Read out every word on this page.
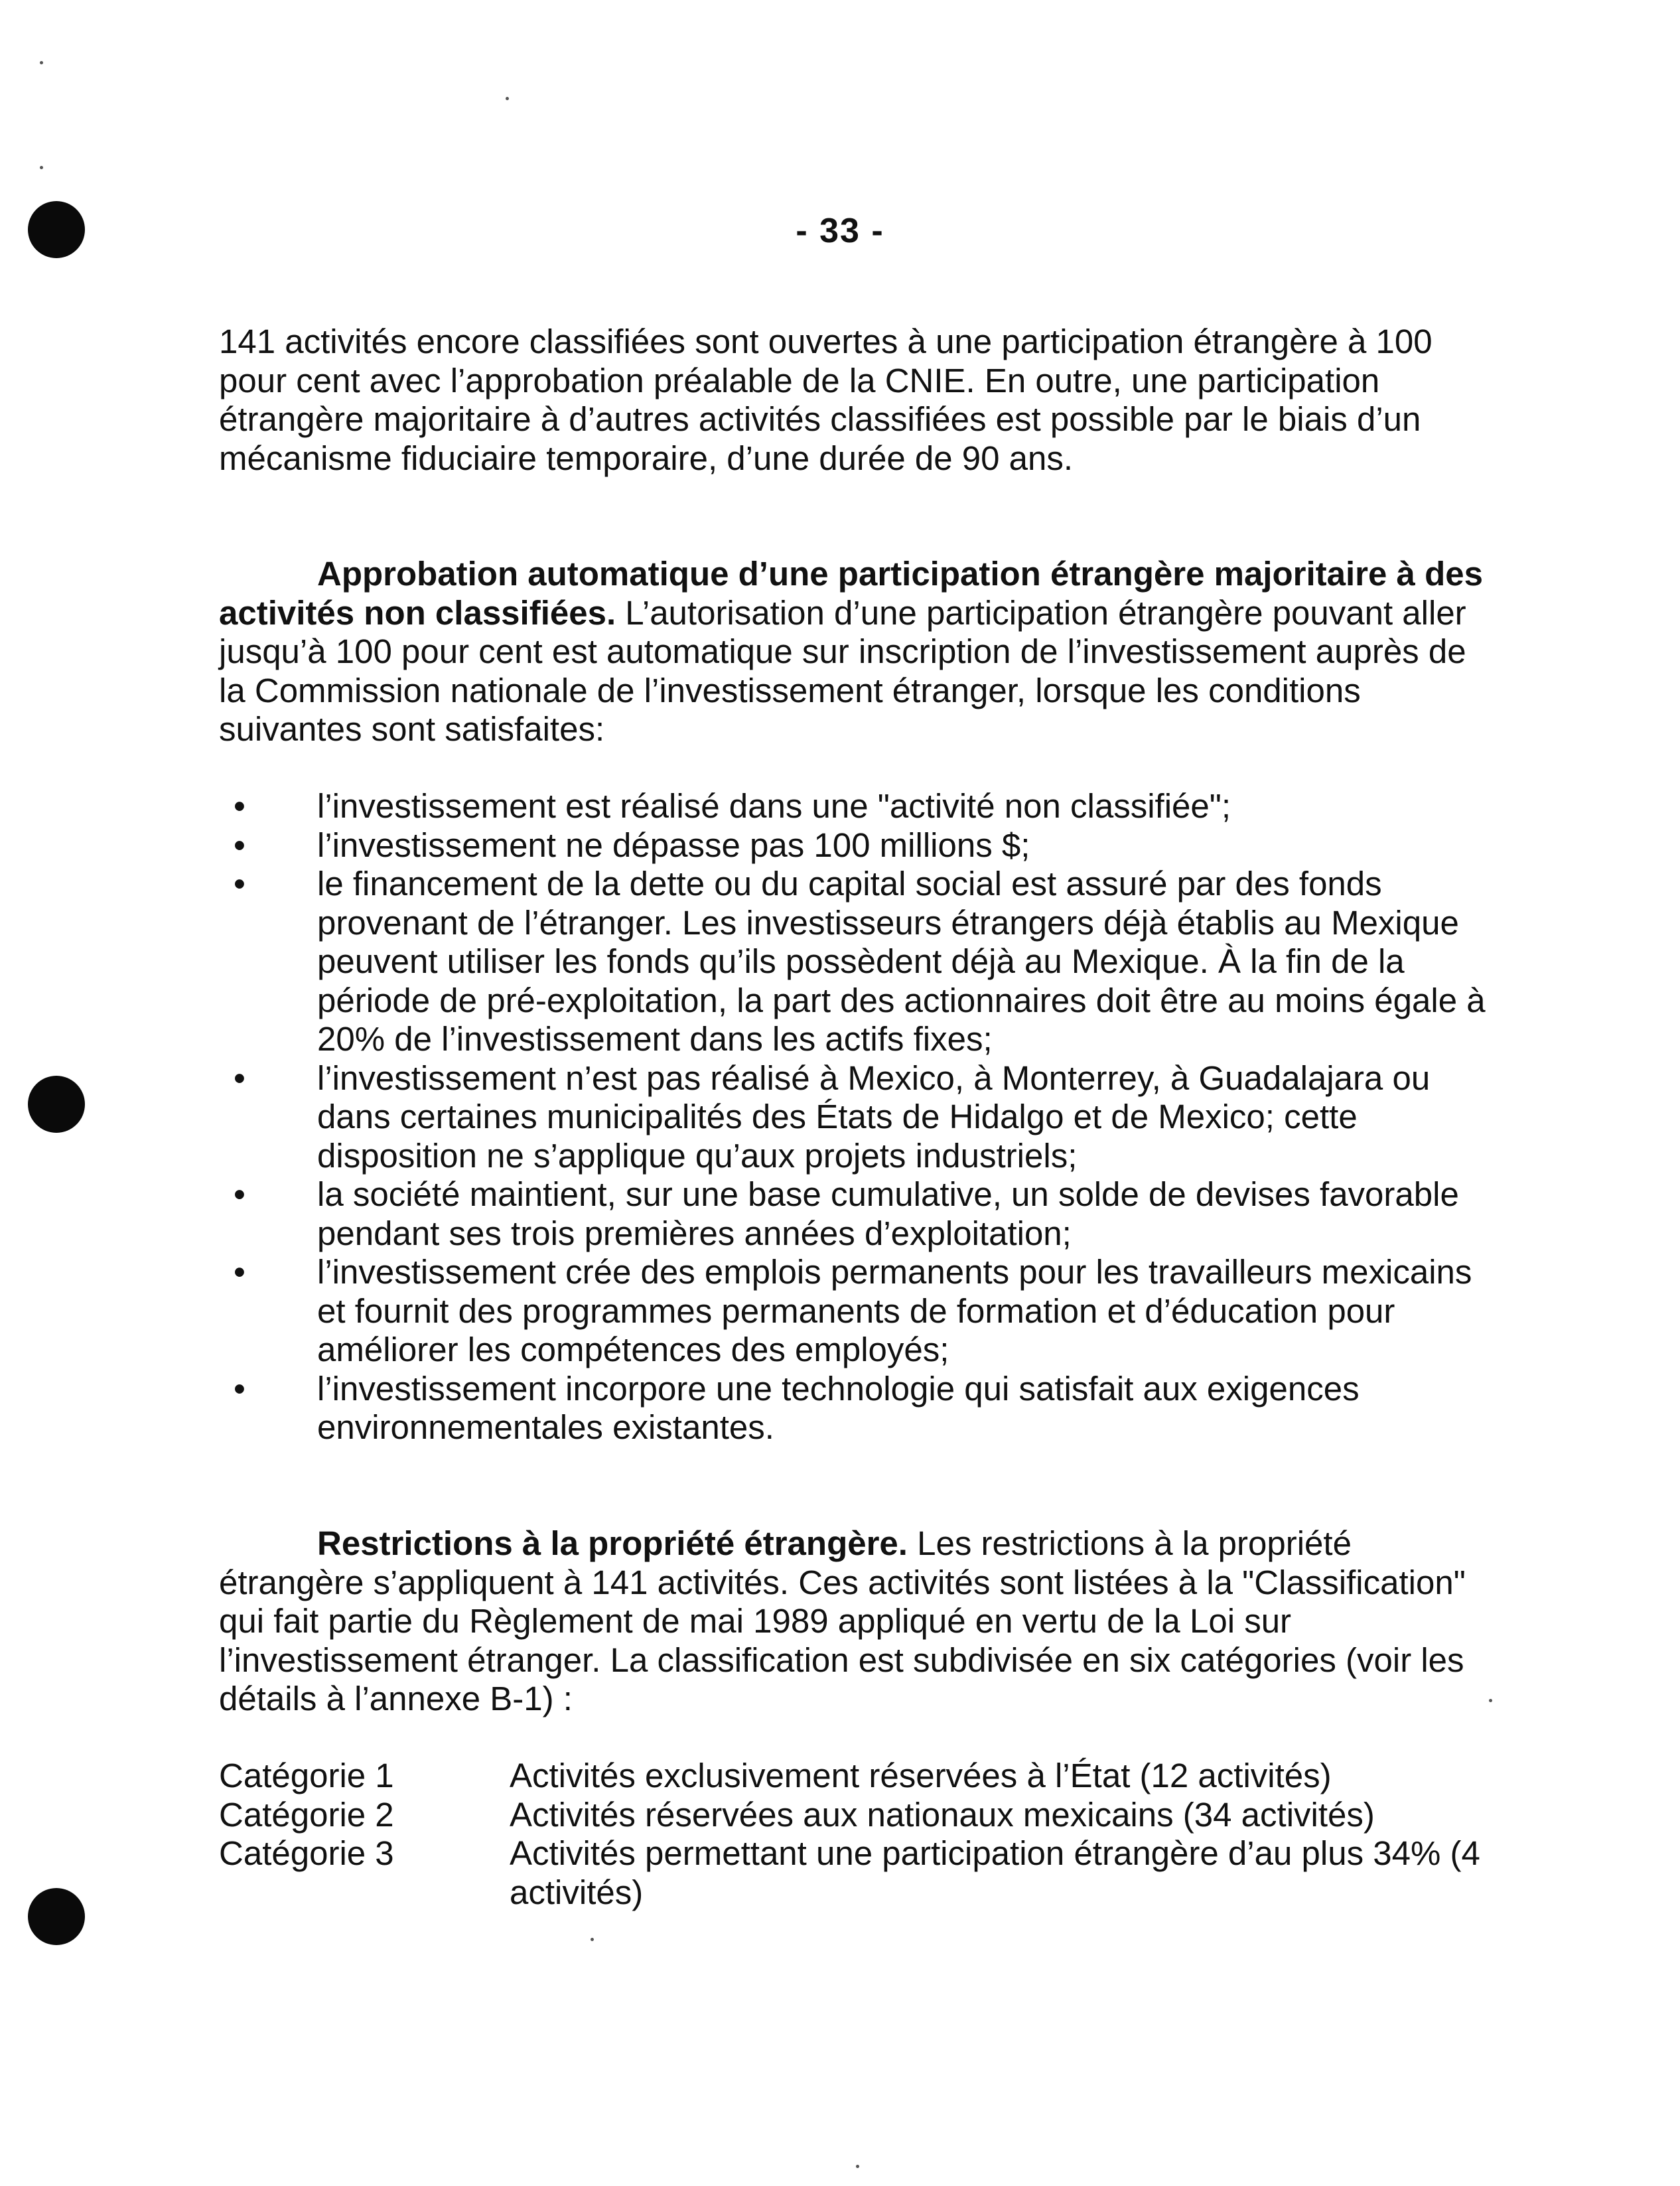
- 33 -

141 activités encore classifiées sont ouvertes à une participation étrangère à 100 pour cent avec l’approbation préalable de la CNIE. En outre, une participation étrangère majoritaire à d’autres activités classifiées est possible par le biais d’un mécanisme fiduciaire temporaire, d’une durée de 90 ans.

Approbation automatique d’une participation étrangère majoritaire à des activités non classifiées. L’autorisation d’une participation étrangère pouvant aller jusqu’à 100 pour cent est automatique sur inscription de l’investissement auprès de la Commission nationale de l’investissement étranger, lorsque les conditions suivantes sont satisfaites:

• l’investissement est réalisé dans une "activité non classifiée";
• l’investissement ne dépasse pas 100 millions $;
• le financement de la dette ou du capital social est assuré par des fonds provenant de l’étranger. Les investisseurs étrangers déjà établis au Mexique peuvent utiliser les fonds qu’ils possèdent déjà au Mexique. À la fin de la période de pré-exploitation, la part des actionnaires doit être au moins égale à 20% de l’investissement dans les actifs fixes;
• l’investissement n’est pas réalisé à Mexico, à Monterrey, à Guadalajara ou dans certaines municipalités des États de Hidalgo et de Mexico; cette disposition ne s’applique qu’aux projets industriels;
• la société maintient, sur une base cumulative, un solde de devises favorable pendant ses trois premières années d’exploitation;
• l’investissement crée des emplois permanents pour les travailleurs mexicains et fournit des programmes permanents de formation et d’éducation pour améliorer les compétences des employés;
• l’investissement incorpore une technologie qui satisfait aux exigences environnementales existantes.

Restrictions à la propriété étrangère. Les restrictions à la propriété étrangère s’appliquent à 141 activités. Ces activités sont listées à la "Classification" qui fait partie du Règlement de mai 1989 appliqué en vertu de la Loi sur l’investissement étranger. La classification est subdivisée en six catégories (voir les détails à l’annexe B-1) :

Catégorie 1	Activités exclusivement réservées à l’État (12 activités)
Catégorie 2	Activités réservées aux nationaux mexicains (34 activités)
Catégorie 3	Activités permettant une participation étrangère d’au plus 34% (4 activités)
